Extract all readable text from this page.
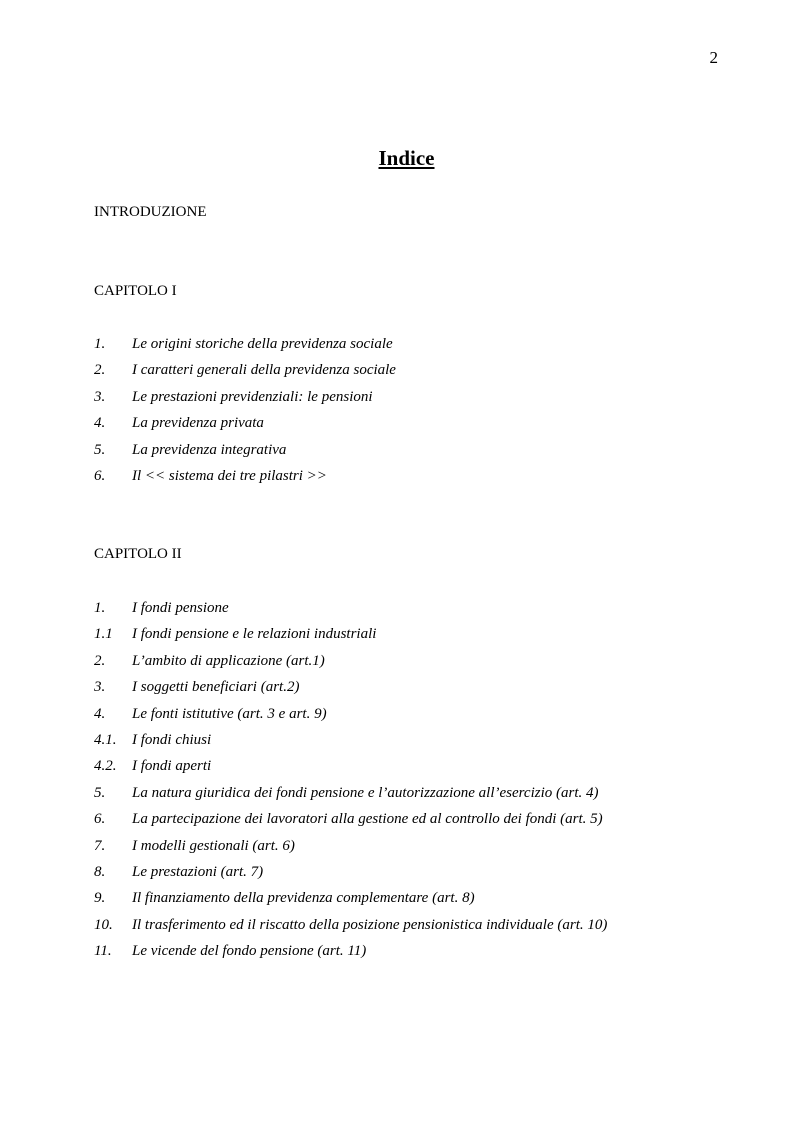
2
Indice
INTRODUZIONE
CAPITOLO I
1. Le origini storiche della previdenza sociale
2. I caratteri generali della previdenza sociale
3. Le prestazioni previdenziali: le pensioni
4. La previdenza privata
5. La previdenza integrativa
6. Il << sistema dei tre pilastri >>
CAPITOLO II
1. I fondi pensione
1.1 I fondi pensione e le relazioni industriali
2. L’ambito di applicazione (art.1)
3. I soggetti beneficiari (art.2)
4. Le fonti istitutive (art. 3 e art. 9)
4.1. I fondi chiusi
4.2. I fondi aperti
5. La natura giuridica dei fondi pensione e l’autorizzazione all’esercizio (art. 4)
6. La partecipazione dei lavoratori alla gestione ed al controllo dei fondi (art. 5)
7. I modelli gestionali (art. 6)
8. Le prestazioni (art. 7)
9. Il finanziamento della previdenza complementare (art. 8)
10. Il trasferimento ed il riscatto della posizione pensionistica individuale (art. 10)
11. Le vicende del fondo pensione (art. 11)
